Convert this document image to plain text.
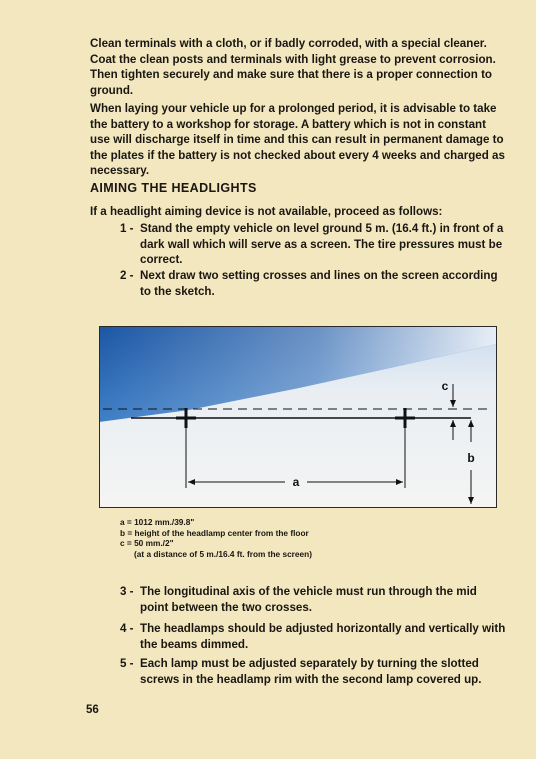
Clean terminals with a cloth, or if badly corroded, with a special cleaner. Coat the clean posts and terminals with light grease to prevent corrosion. Then tighten securely and make sure that there is a proper connection to ground.

When laying your vehicle up for a prolonged period, it is advisable to take the battery to a workshop for storage. A battery which is not in constant use will discharge itself in time and this can result in permanent damage to the plates if the battery is not checked about every 4 weeks and charged as necessary.

AIMING THE HEADLIGHTS

If a headlight aiming device is not available, proceed as follows:

1 - Stand the empty vehicle on level ground 5 m. (16.4 ft.) in front of a dark wall which will serve as a screen. The tire pressures must be correct.
2 - Next draw two setting crosses and lines on the screen according to the sketch.
a
c
b
a = 1012 mm./39.8"
b = height of the headlamp center from the floor
c = 50 mm./2"
(at a distance of 5 m./16.4 ft. from the screen)
3 - The longitudinal axis of the vehicle must run through the mid point between the two crosses.
4 - The headlamps should be adjusted horizontally and vertically with the beams dimmed.
5 - Each lamp must be adjusted separately by turning the slotted screws in the headlamp rim with the second lamp covered up.
56
